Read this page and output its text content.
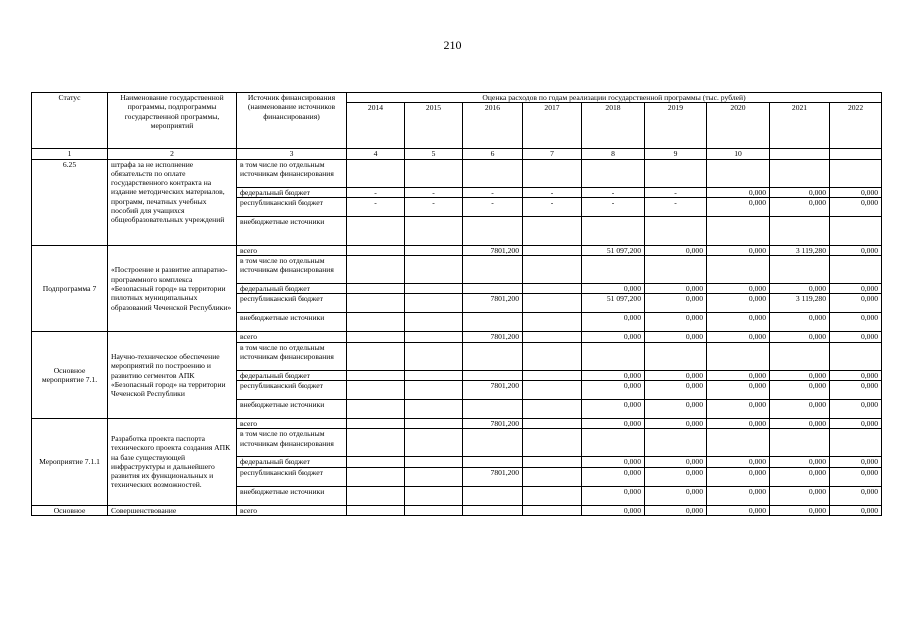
210
Статус	Наименование государственной программы, подпрограммы государственной программы, мероприятий	Источник финансирования (наименование источников финансирования)	Оценка расходов по годам реализации государственной программы (тыс. рублей)								
			2014	2015	2016	2017	2018	2019	2020	2021	2022
1	2	3	4	5	6	7	8	9	10		
6.25	штрафа за не исполнение обязательств по оплате государственного контракта на издание методических материалов, программ, печатных учебных пособий для учащихся общеобразовательных учреждений	в том числе по отдельным источникам финансирования									
		федеральный бюджет	-	-	-	-	-	-	0,000	0,000	0,000
		республиканский бюджет	-	-	-	-	-	-	0,000	0,000	0,000
		внебюджетные источники									
Подпрограмма 7	«Построение и развитие аппаратно-программного комплекса «Безопасный город» на территории пилотных муниципальных образований Чеченской Республики»	всего			7801,200		51 097,200	0,000	0,000	3 119,280	0,000
		в том числе по отдельным источникам финансирования									
		федеральный бюджет					0,000	0,000	0,000	0,000	0,000
		республиканский бюджет			7801,200		51 097,200	0,000	0,000	3 119,280	0,000
		внебюджетные источники					0,000	0,000	0,000	0,000	0,000
Основное мероприятие 7.1.	Научно-техническое обеспечение мероприятий по построению и развитию сегментов АПК «Безопасный город» на территории Чеченской Республики	всего			7801,200		0,000	0,000	0,000	0,000	0,000
		в том числе по отдельным источникам финансирования									
		федеральный бюджет					0,000	0,000	0,000	0,000	0,000
		республиканский бюджет			7801,200		0,000	0,000	0,000	0,000	0,000
		внебюджетные источники					0,000	0,000	0,000	0,000	0,000
Мероприятие 7.1.1	Разработка проекта паспорта технического проекта создания АПК на базе существующей инфраструктуры и дальнейшего развития их функциональных и технических возможностей.	всего			7801,200		0,000	0,000	0,000	0,000	0,000
		в том числе по отдельным источникам финансирования									
		федеральный бюджет					0,000	0,000	0,000	0,000	0,000
		республиканский бюджет			7801,200		0,000	0,000	0,000	0,000	0,000
		внебюджетные источники					0,000	0,000	0,000	0,000	0,000
Основное	Совершенствование	всего					0,000	0,000	0,000	0,000	0,000
